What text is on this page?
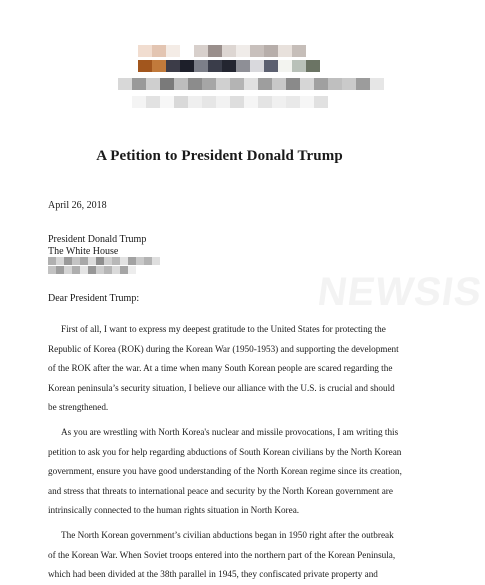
A Petition to President Donald Trump
April 26, 2018
President Donald Trump
The White House
Dear President Trump:
First of all, I want to express my deepest gratitude to the United States for protecting the
Republic of Korea (ROK) during the Korean War (1950-1953) and supporting the development
of the ROK after the war. At a time when many South Korean people are scared regarding the
Korean peninsula’s security situation, I believe our alliance with the U.S. is crucial and should
be strengthened.
As you are wrestling with North Korea's nuclear and missile provocations, I am writing this
petition to ask you for help regarding abductions of South Korean civilians by the North Korean
government, ensure you have good understanding of the North Korean regime since its creation,
and stress that threats to international peace and security by the North Korean government are
intrinsically connected to the human rights situation in North Korea.
The North Korean government’s civilian abductions began in 1950 right after the outbreak
of the Korean War. When Soviet troops entered into the northern part of the Korean Peninsula,
which had been divided at the 38th parallel in 1945, they confiscated private property and
NEWSIS
